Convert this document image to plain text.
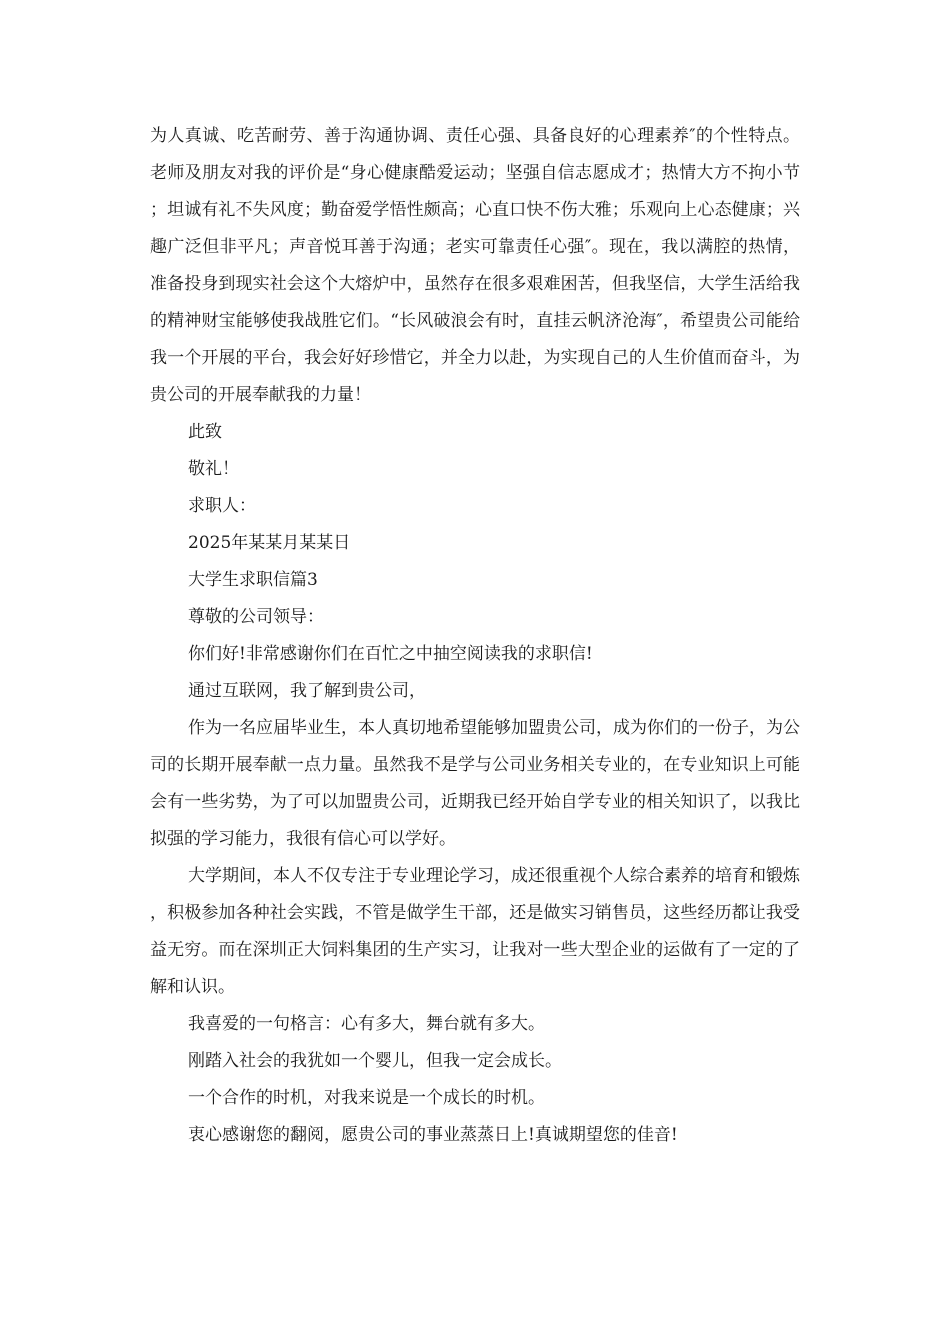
为人真诚、吃苦耐劳、善于沟通协调、责任心强、具备良好的心理素养″的个性特点。老师及朋友对我的评价是“身心健康酷爱运动；坚强自信志愿成才；热情大方不拘小节；坦诚有礼不失风度；勤奋爱学悟性颇高；心直口快不伤大雅；乐观向上心态健康；兴趣广泛但非平凡；声音悦耳善于沟通；老实可靠责任心强″。现在，我以满腔的热情，准备投身到现实社会这个大熔炉中，虽然存在很多艰难困苦，但我坚信，大学生活给我的精神财宝能够使我战胜它们。“长风破浪会有时，直挂云帆济沧海″，希望贵公司能给我一个开展的平台，我会好好珍惜它，并全力以赴，为实现自己的人生价值而奋斗，为贵公司的开展奉献我的力量！

此致

敬礼！

求职人：

2025年某某月某某日

大学生求职信篇3

尊敬的公司领导：

你们好!非常感谢你们在百忙之中抽空阅读我的求职信!

通过互联网，我了解到贵公司，

作为一名应届毕业生，本人真切地希望能够加盟贵公司，成为你们的一份子，为公司的长期开展奉献一点力量。虽然我不是学与公司业务相关专业的，在专业知识上可能会有一些劣势，为了可以加盟贵公司，近期我已经开始自学专业的相关知识了，以我比拟强的学习能力，我很有信心可以学好。

大学期间，本人不仅专注于专业理论学习，成还很重视个人综合素养的培育和锻炼，积极参加各种社会实践，不管是做学生干部，还是做实习销售员，这些经历都让我受益无穷。而在深圳正大饲料集团的生产实习，让我对一些大型企业的运做有了一定的了解和认识。

我喜爱的一句格言：心有多大，舞台就有多大。

刚踏入社会的我犹如一个婴儿，但我一定会成长。

一个合作的时机，对我来说是一个成长的时机。

衷心感谢您的翻阅，愿贵公司的事业蒸蒸日上!真诚期望您的佳音!
